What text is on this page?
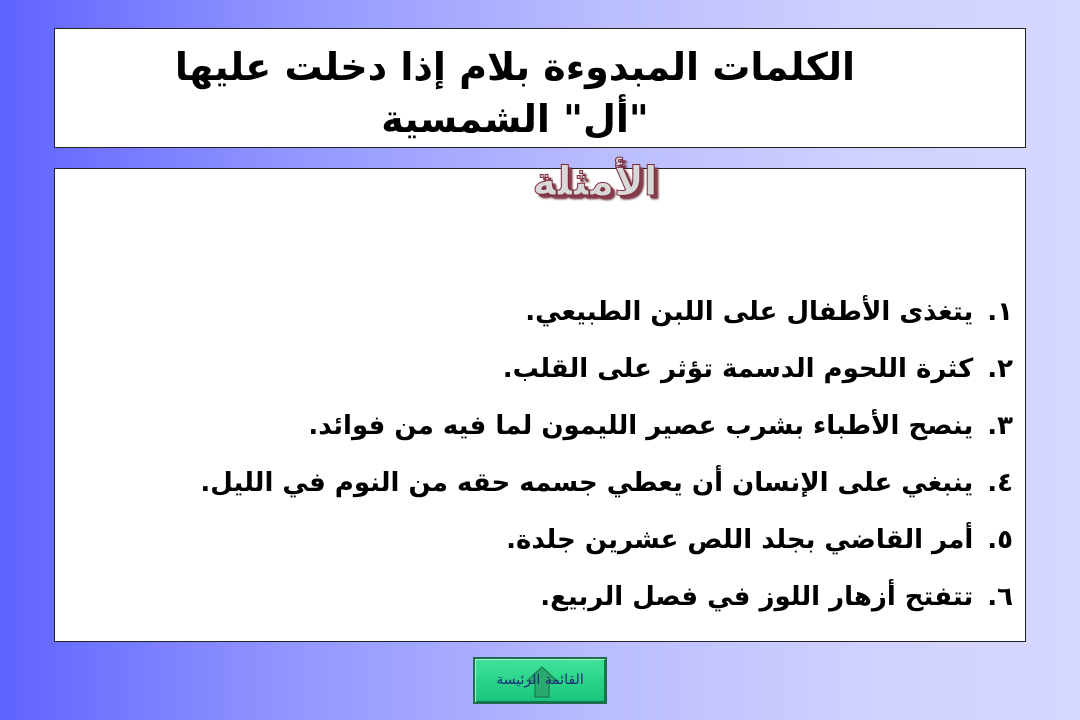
الكلمات المبدوءة بلام إذا دخلت عليها
"أل" الشمسية
١.يتغذى الأطفال على اللبن الطبيعي.
٢.كثرة اللحوم الدسمة تؤثر على القلب.
٣.ينصح الأطباء بشرب عصير الليمون لما فيه من فوائد.
٤.ينبغي على الإنسان أن يعطي جسمه حقه من النوم في الليل.
٥.أمر القاضي بجلد اللص عشرين جلدة.
٦.تتفتح أزهار اللوز في فصل الربيع.
الأمثلة
القائمة الرئيسة
